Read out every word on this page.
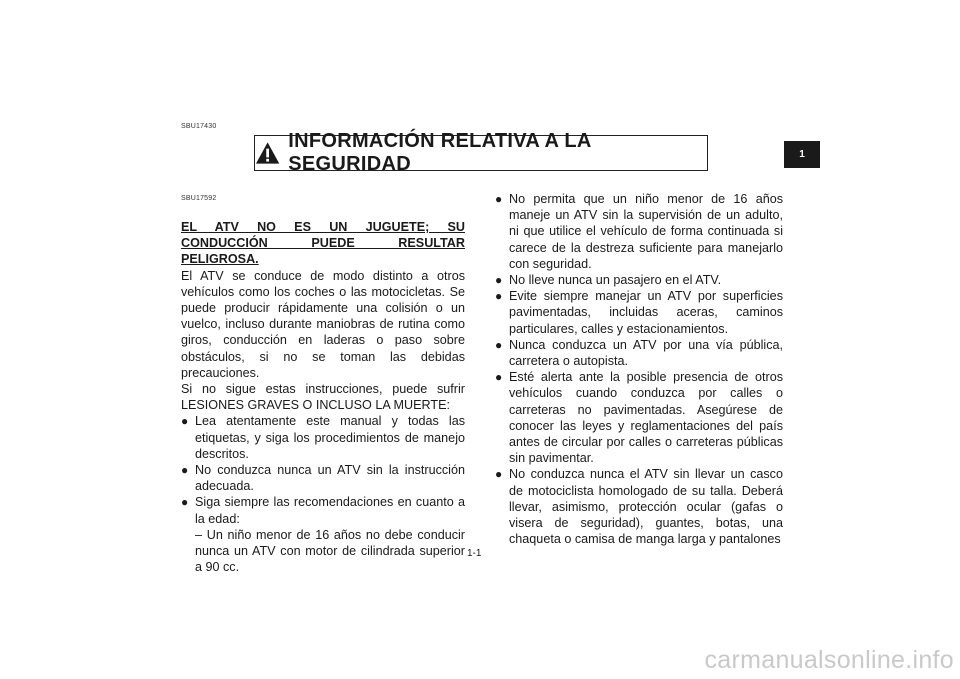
SBU17430
INFORMACIÓN RELATIVA A LA SEGURIDAD	1
SBU17592
EL ATV NO ES UN JUGUETE; SU CONDUCCIÓN PUEDE RESULTAR PELIGROSA.
El ATV se conduce de modo distinto a otros vehículos como los coches o las motocicletas. Se puede producir rápidamente una colisión o un vuelco, incluso durante maniobras de rutina como giros, conducción en laderas o paso sobre obstáculos, si no se toman las debidas precauciones.
Si no sigue estas instrucciones, puede sufrir LESIONES GRAVES O INCLUSO LA MUERTE:
● Lea atentamente este manual y todas las etiquetas, y siga los procedimientos de manejo descritos.
● No conduzca nunca un ATV sin la instrucción adecuada.
● Siga siempre las recomendaciones en cuanto a la edad:
– Un niño menor de 16 años no debe conducir nunca un ATV con motor de cilindrada superior a 90 cc.
● No permita que un niño menor de 16 años maneje un ATV sin la supervisión de un adulto, ni que utilice el vehículo de forma continuada si carece de la destreza suficiente para manejarlo con seguridad.
● No lleve nunca un pasajero en el ATV.
● Evite siempre manejar un ATV por superficies pavimentadas, incluidas aceras, caminos particulares, calles y estacionamientos.
● Nunca conduzca un ATV por una vía pública, carretera o autopista.
● Esté alerta ante la posible presencia de otros vehículos cuando conduzca por calles o carreteras no pavimentadas. Asegúrese de conocer las leyes y reglamentaciones del país antes de circular por calles o carreteras públicas sin pavimentar.
● No conduzca nunca el ATV sin llevar un casco de motociclista homologado de su talla. Deberá llevar, asimismo, protección ocular (gafas o visera de seguridad), guantes, botas, una chaqueta o camisa de manga larga y pantalones
1-1
carmanualsonline.info
